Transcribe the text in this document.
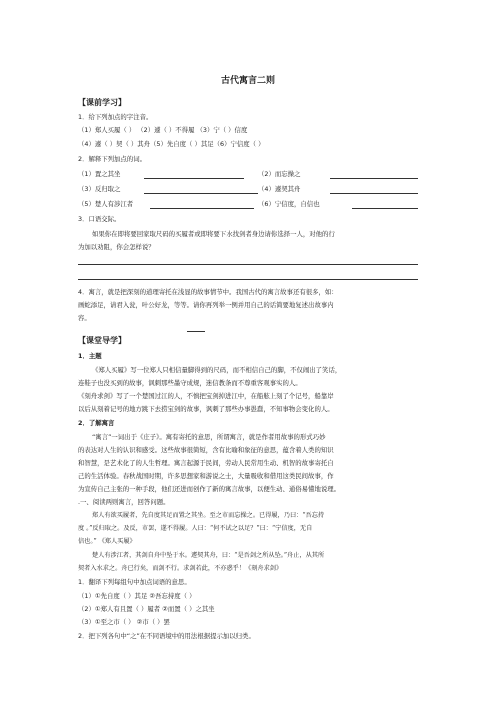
古代寓言二则
【课前学习】
1．给下列加点的字注音。
（1）郑人买履（ ） （2）遽（ ）不得履 （3）宁（ ）信度
（4）遽（ ）契（ ）其舟（5）先自度（ ）其足（6）宁信度（ ）
2．解释下列加点的词。
（1）置之其坐	（2）而忘操之
（3）反归取之	（4）遽契其舟
（5）楚人有涉江者	（6）宁信度，自信也
3．口语交际。
如果你在即将要回家取尺码的买履者或即将要下水找剑者身边请你选择一人，对他的行
为加以劝阻，你会怎样说？
4．寓言，就是把深刻的道理寄托在浅显的故事情节中。我国古代的寓言故事还有很多，如：
画蛇添足，请君入瓮，叶公好龙，等等。请你再列举一例并用自己的话简要地复述出故事内
容。
【课堂导学】
1．主题
《郑人买履》写一位郑人只相信量脚得到的尺码，而不相信自己的脚，不仅闹出了笑话，
连鞋子也没买到的故事，讽刺那些墨守成规，迷信教条而不尊重客观事实的人。
《刻舟求剑》写了一个楚国过江的人，不慎把宝剑掉进江中，在船舷上刻了个记号，船靠岸
以后从刻着记号的地方跳下去捞宝剑的故事，讽刺了那些办事愚蠢，不知事物会变化的人。
2．了解寓言
“寓言”一词出于《庄子》。寓有寄托的意思，所谓寓言，就是作者用故事的形式巧妙
的表达对人生的认识和感受。这些故事很简短，含有比喻和象征的意思，蕴含着人类的知识
和智慧，是艺术化了的人生哲理。寓言起源于民间，劳动人民常用生动、机智的故事寄托自
己的生活体验。春秋战国时期，许多思想家和游说之士，大量吸收和借用这类民间故事，作
为宣传自己主张的一种手段，他们还进而创作了新的寓言故事，以便生动、通俗易懂地说理。
.一、阅读两则寓言，回答问题。
郑人有欲买履者，先自度其足而置之其坐。至之市而忘操之。已得履，乃曰：“吾忘持
度 。”反归取之。及反，市罢，遂不得履。人曰：“何不试之以足？”曰：“宁信度，无自
信也。” 《郑人买履》
楚人有涉江者，其剑自舟中坠于水。遽契其舟，曰：“是吾剑之所从坠。”舟止，从其所
契者入水求之。舟已行矣，而剑不行。求剑若此，不亦惑乎！《刻舟求剑》
1．翻译下列每组句中加点词语的意思。
（1）①先自度（ ）其足 ②吾忘持度（ ）
（2）①郑人有且置（ ）履者 ②而置（ ）之其坐
（3）①至之市（ ） ②市（ ）罢
2．把下列各句中“之”在不同语境中的用法根据提示加以归类。
